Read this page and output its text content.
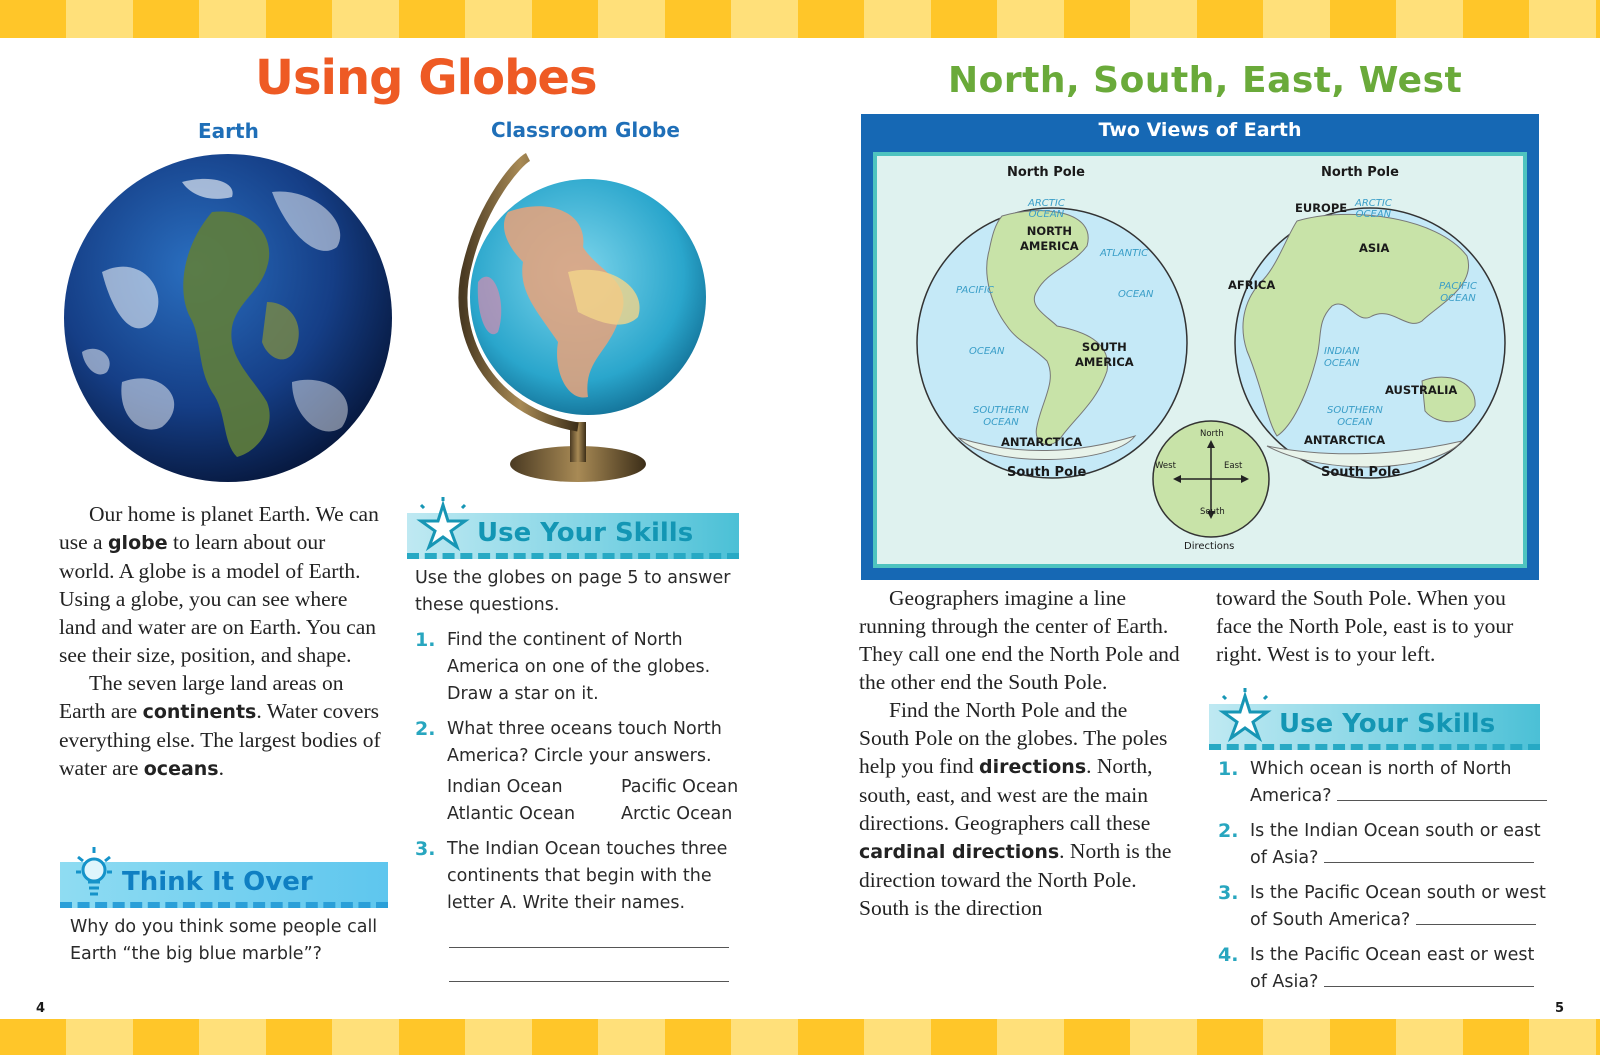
Using Globes
Earth	Classroom Globe

Our home is planet Earth. We can use a globe to learn about our world. A globe is a model of Earth. Using a globe, you can see where land and water are on Earth. You can see their size, position, and shape.

The seven large land areas on Earth are continents. Water covers everything else. The largest bodies of water are oceans.

Think It Over
Why do you think some people call Earth “the big blue marble”?
Use Your Skills
Use the globes on page 5 to answer these questions.
1. Find the continent of North America on one of the globes. Draw a star on it.
2. What three oceans touch North America? Circle your answers.
Indian Ocean	Pacific Ocean
Atlantic Ocean	Arctic Ocean
3. The Indian Ocean touches three continents that begin with the letter A. Write their names.
4
North, South, East, West
Two Views of Earth
North Pole	North Pole
South Pole	South Pole
ARCTIC
OCEAN
NORTH
AMERICA
ATLANTIC
OCEAN
PACIFIC
OCEAN	SOUTH
AMERICA
SOUTHERN
OCEAN
ANTARCTICA
EUROPE ARCTIC
OCEAN
ASIA
AFRICA	PACIFIC
OCEAN
INDIAN
OCEAN
AUSTRALIA
SOUTHERN
OCEAN
ANTARCTICA
North
South
West	East
Directions

Geographers imagine a line running through the center of Earth. They call one end the North Pole and the other end the South Pole.

Find the North Pole and the South Pole on the globes. The poles help you find directions. North, south, east, and west are the main directions. Geographers call these cardinal directions. North is the direction toward the North Pole. South is the direction

toward the South Pole. When you face the North Pole, east is to your right. West is to your left.
Use Your Skills
1. Which ocean is north of North America?
2. Is the Indian Ocean south or east of Asia?
3. Is the Pacific Ocean south or west of South America?
4. Is the Pacific Ocean east or west of Asia?
5
